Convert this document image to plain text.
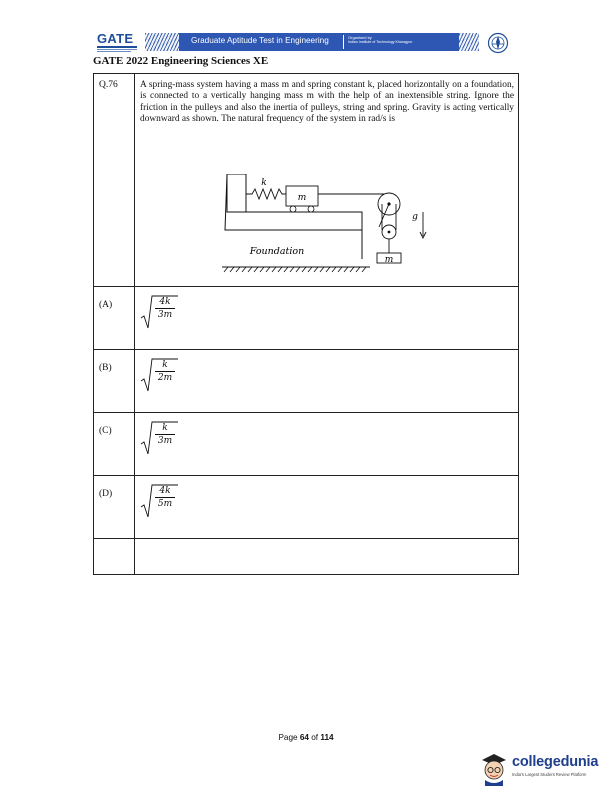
GATE	Graduate Aptitude Test in Engineering	Organised by
Indian Institute of Technology Kharagpur
GATE 2022 Engineering Sciences XE
Q.76 A spring-mass system having a mass m and spring constant k, placed horizontally on a foundation, is connected to a vertically hanging mass m with the help of an inextensible string. Ignore the friction in the pulleys and also the inertia of pulleys, string and spring. Gravity is acting vertically downward as shown. The natural frequency of the system in rad/s is
k
m
m
g
Foundation
(A)	4k
3m
(B)	k
2m
(C)	k
3m
(D)	4k
5m
Page 64 of 114
collegedunia
India's Largest Student Review Platform
